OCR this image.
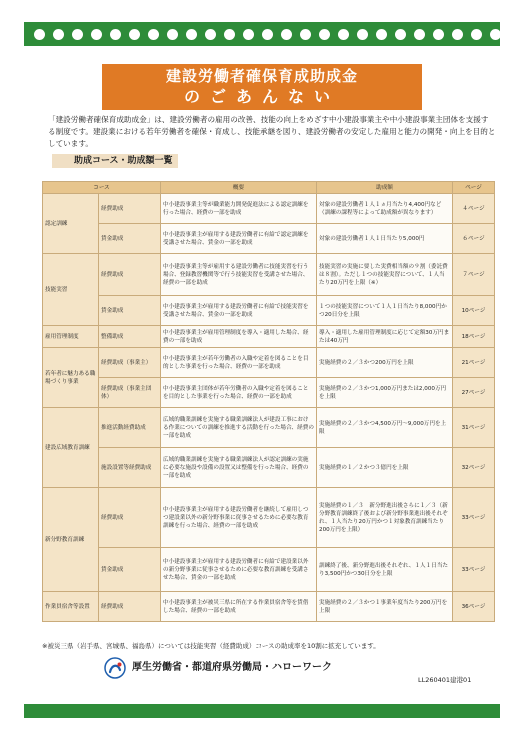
建設労働者確保育成助成金
のごあんない
「建設労働者確保育成助成金」は、建設労働者の雇用の改善、技能の向上をめざす中小建設事業主や中小建設事業主団体を支援する制度です。建設業における若年労働者を確保・育成し、技能承継を図り、建設労働者の安定した雇用と能力の開発・向上を目的としています。
助成コース・助成額一覧
コース		概要	助成額	ページ
認定訓練	経費助成	中小建設事業主等が職業能力開発促進法による認定訓練を行った場合、経費の一部を助成	対象の建設労働者１人１ヵ月当たり4,400円など（訓練の課程等によって助成額が異なります）	４ページ
	賃金助成	中小建設事業主が雇用する建設労働者に有給で認定訓練を受講させた場合、賃金の一部を助成	対象の建設労働者１人１日当たり5,000円	６ページ
技能実習	経費助成	中小建設事業主等が雇用する建設労働者に技能実習を行う場合、登録教習機関等で行う技能実習を受講させた場合、経費の一部を助成	技能実習の実施に要した実費相当額の９割（委託費は８割）。ただし１つの技能実習について、１人当たり20万円を上限（※）	７ページ
	賃金助成	中小建設事業主が雇用する建設労働者に有給で技能実習を受講させた場合、賃金の一部を助成	１つの技能実習について１人１日当たり8,000円かつ20日分を上限	10ページ
雇用管理制度	整備助成	中小建設事業主が雇用管理制度を導入・適用した場合、経費の一部を助成	導入・適用した雇用管理制度に応じて定額30万円または40万円	18ページ
若年者に魅力ある職場づくり事業	経費助成（事業主）	中小建設事業主が若年労働者の入職や定着を図ることを目的とした事業を行った場合、経費の一部を助成	実施経費の２／３かつ200万円を上限	21ページ
	経費助成（事業主団体）	中小建設事業主団体が若年労働者の入職や定着を図ることを目的とした事業を行った場合、経費の一部を助成	実施経費の２／３かつ1,000万円または2,000万円を上限	27ページ
建設広域教育訓練	推進活動経費助成	広域的職業訓練を実施する職業訓練法人が建設工事における作業についての訓練を推進する活動を行った場合、経費の一部を助成	実施経費の２／３かつ4,500万円～9,000万円を上限	31ページ
	施設設置等経費助成	広域的職業訓練を実施する職業訓練法人が認定訓練の実施に必要な施設や設備の設置又は整備を行った場合、経費の一部を助成	実施経費の１／２かつ３億円を上限	32ページ
新分野教育訓練	経費助成	中小建設事業主が雇用する建設労働者を継続して雇用しつつ建設業以外の新分野事業に従事させるために必要な教育訓練を行った場合、経費の一部を助成	実施経費の１／３　新分野進出後さらに１／３（新分野教育訓練終了後および新分野事業進出後それぞれ、１人当たり20万円かつ１対象教育訓練当たり200万円を上限）	33ページ
	賃金助成	中小建設事業主が雇用する建設労働者に有給で建設業以外の新分野事業に従事させるために必要な教育訓練を受講させた場合、賃金の一部を助成	訓練終了後、新分野進出後それぞれ、１人１日当たり3,500円かつ30日分を上限	33ページ
作業員宿舎等設置	経費助成	中小建設事業主が被災三県に所在する作業員宿舎等を賃借した場合、経費の一部を助成	実施経費の２／３かつ１事業年度当たり200万円を上限	36ページ
※被災三県（岩手県、宮城県、福島県）については技能実習（経費助成）コースの助成率を10割に拡充しています。
厚生労働省・都道府県労働局・ハローワーク
LL260401建港01
